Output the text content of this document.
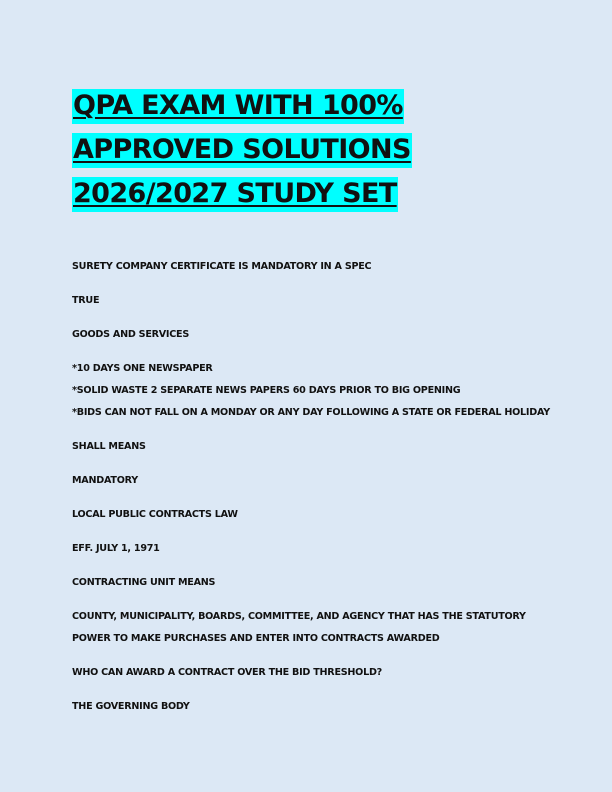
QPA EXAM WITH 100%
APPROVED SOLUTIONS
2026/2027 STUDY SET
SURETY COMPANY CERTIFICATE IS MANDATORY IN A SPEC
TRUE
GOODS AND SERVICES
*10 DAYS ONE NEWSPAPER
*SOLID WASTE 2 SEPARATE NEWS PAPERS 60 DAYS PRIOR TO BIG OPENING
*BIDS CAN NOT FALL ON A MONDAY OR ANY DAY FOLLOWING A STATE OR FEDERAL HOLIDAY
SHALL MEANS
MANDATORY
LOCAL PUBLIC CONTRACTS LAW
EFF. JULY 1, 1971
CONTRACTING UNIT MEANS
COUNTY, MUNICIPALITY, BOARDS, COMMITTEE, AND AGENCY THAT HAS THE STATUTORY
POWER TO MAKE PURCHASES AND ENTER INTO CONTRACTS AWARDED
WHO CAN AWARD A CONTRACT OVER THE BID THRESHOLD?
THE GOVERNING BODY
